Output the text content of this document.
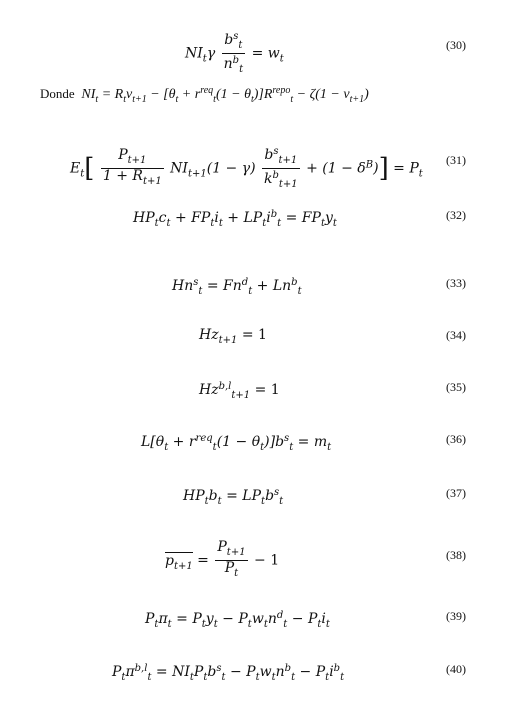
$NI_t\gamma \frac{b^s_t}{n^b_t} = w_t$
(30)
Donde  $NI_t = R_tv_{t+1} - [\theta_t + r^{req}_t(1 - \theta_t)]R^{repo}_t - \zeta(1 - v_{t+1})$
$E_t[ \frac{P_{t+1}}{1 + R_{t+1}} NI_{t+1}(1 - \gamma) \frac{b^s_{t+1}}{k^b_{t+1}} + (1 - \delta^B)] = P_t$
(31)
$HP_tc_t + FP_ti_t + LP_ti^b_t = FP_ty_t$
(32)
$Hn^s_t = Fn^d_t + Ln^b_t$
(33)
$Hz_{t+1} = 1$	(34)
Hz$^{b,l}_{t+1}$ = 1	(35)
$L[\theta_t + r^{req}_t(1 - \theta_t)]b^s_t = m_t$
(36)
$HP_tb_t = LP_tb^s_t$
(37)
$p_{t+1} = \frac{P_{t+1}}{P_t} - 1$	(38)
$P_t\pi_t = P_ty_t - P_tw_tn^d_t - P_ti_t$
(39)
$P_t\pi^{b,l}_t = NI_tP_tb^s_t - P_tw_tn^b_t - P_ti^b_t$
(40)
